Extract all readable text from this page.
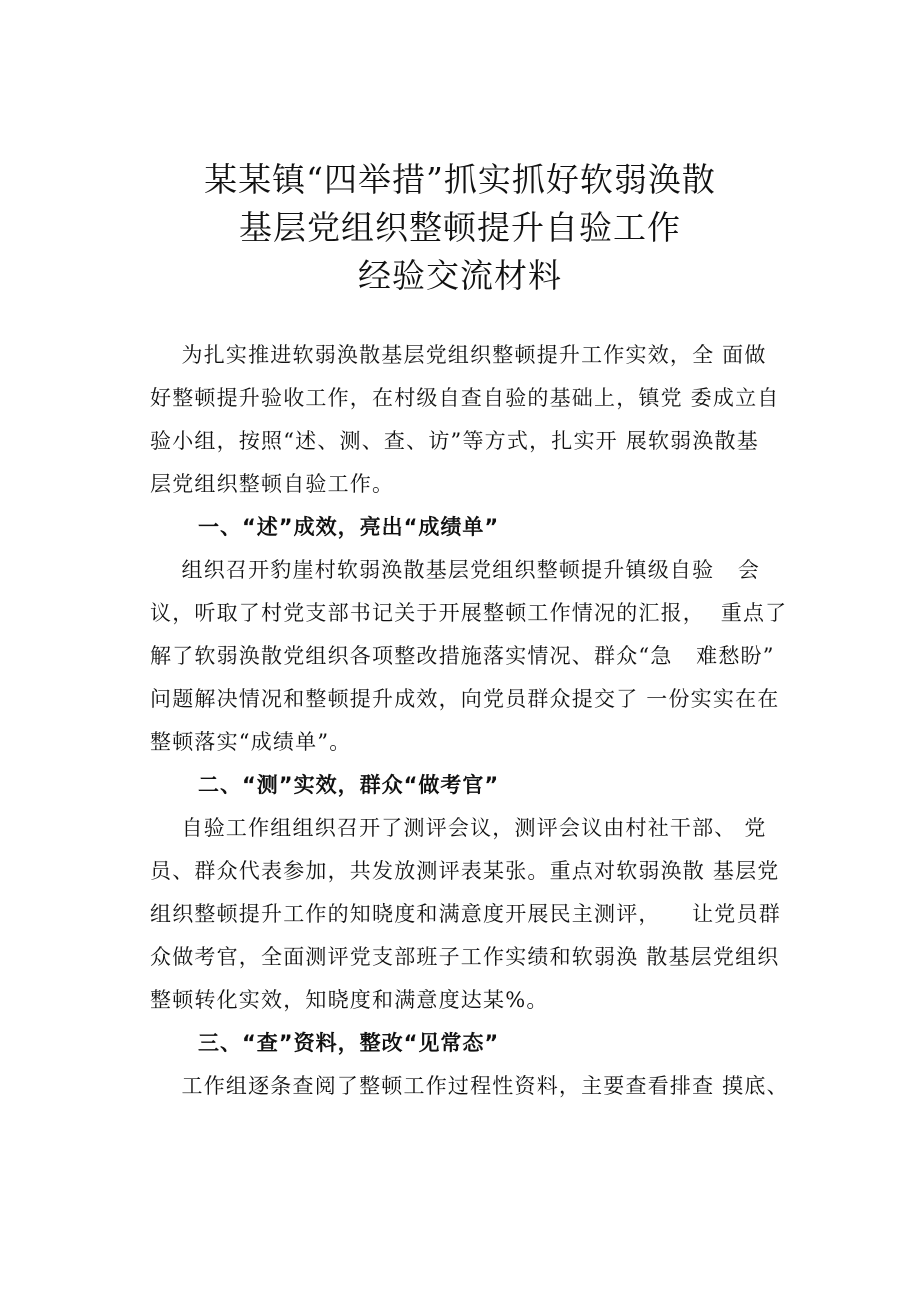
某某镇“四举措”抓实抓好软弱涣散
基层党组织整顿提升自验工作
经验交流材料
为扎实推进软弱涣散基层党组织整顿提升工作实效，全 面做
好整顿提升验收工作，在村级自查自验的基础上，镇党 委成立自
验小组，按照“述、测、查、访”等方式，扎实开 展软弱涣散基
层党组织整顿自验工作。
一、“述”成效，亮出“成绩单”
组织召开豹崖村软弱涣散基层党组织整顿提升镇级自验   会
议，听取了村党支部书记关于开展整顿工作情况的汇报，  重点了
解了软弱涣散党组织各项整改措施落实情况、群众“急   难愁盼”
问题解决情况和整顿提升成效，向党员群众提交了 一份实实在在
整顿落实“成绩单”。
二、“测”实效，群众“做考官”
自验工作组组织召开了测评会议，测评会议由村社干部、 党
员、群众代表参加，共发放测评表某张。重点对软弱涣散 基层党
组织整顿提升工作的知晓度和满意度开展民主测评，    让党员群
众做考官，全面测评党支部班子工作实绩和软弱涣 散基层党组织
整顿转化实效，知晓度和满意度达某%。
三、“查”资料，整改“见常态”
工作组逐条查阅了整顿工作过程性资料，主要查看排查 摸底、
